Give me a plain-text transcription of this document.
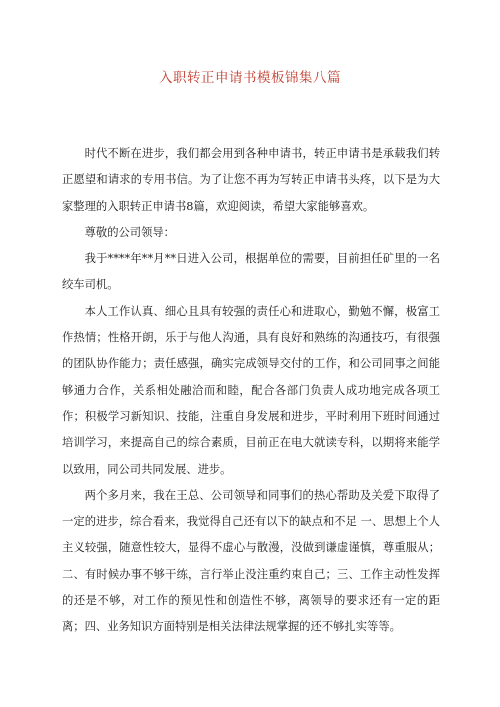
入职转正申请书模板锦集八篇

时代不断在进步，我们都会用到各种申请书，转正申请书是承载我们转正愿望和请求的专用书信。为了让您不再为写转正申请书头疼，以下是为大家整理的入职转正申请书8篇，欢迎阅读，希望大家能够喜欢。

尊敬的公司领导：

我于****年**月**日进入公司，根据单位的需要，目前担任矿里的一名绞车司机。

本人工作认真、细心且具有较强的责任心和进取心，勤勉不懈，极富工作热情；性格开朗，乐于与他人沟通，具有良好和熟练的沟通技巧，有很强的团队协作能力；责任感强，确实完成领导交付的工作，和公司同事之间能够通力合作，关系相处融洽而和睦，配合各部门负责人成功地完成各项工作；积极学习新知识、技能，注重自身发展和进步，平时利用下班时间通过培训学习，来提高自己的综合素质，目前正在电大就读专科，以期将来能学以致用，同公司共同发展、进步。

两个多月来，我在王总、公司领导和同事们的热心帮助及关爱下取得了一定的进步，综合看来，我觉得自己还有以下的缺点和不足 一、思想上个人主义较强，随意性较大，显得不虚心与散漫，没做到谦虚谨慎，尊重服从；二、有时候办事不够干练，言行举止没注重约束自己；三、工作主动性发挥的还是不够，对工作的预见性和创造性不够，离领导的要求还有一定的距离；四、业务知识方面特别是相关法律法规掌握的还不够扎实等等。
